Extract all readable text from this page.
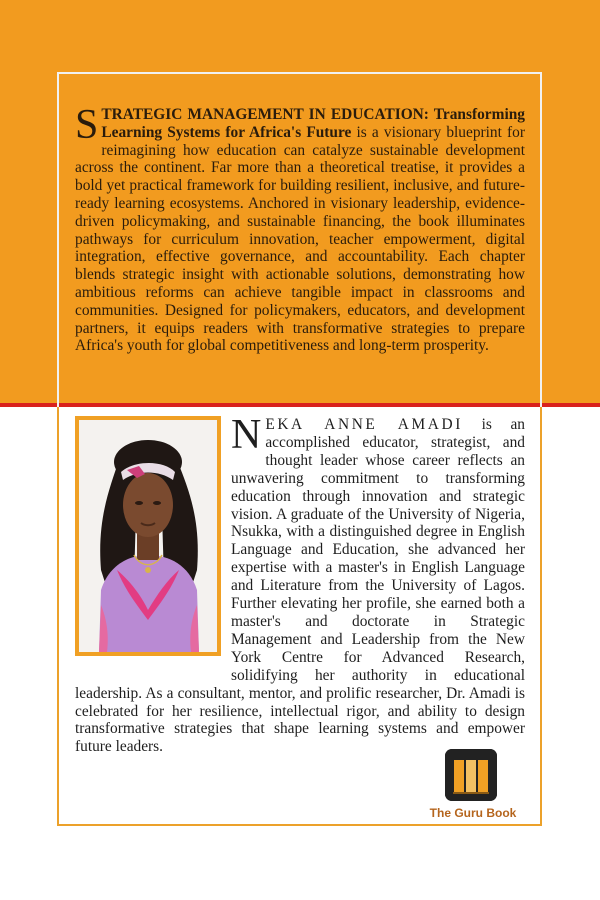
STRATEGIC MANAGEMENT IN EDUCATION: Transforming Learning Systems for Africa's Future is a visionary blueprint for reimagining how education can catalyze sustainable development across the continent. Far more than a theoretical treatise, it provides a bold yet practical framework for building resilient, inclusive, and future-ready learning ecosystems. Anchored in visionary leadership, evidence-driven policymaking, and sustainable financing, the book illuminates pathways for curriculum innovation, teacher empowerment, digital integration, effective governance, and accountability. Each chapter blends strategic insight with actionable solutions, demonstrating how ambitious reforms can achieve tangible impact in classrooms and communities. Designed for policymakers, educators, and development partners, it equips readers with transformative strategies to prepare Africa's youth for global competitiveness and long-term prosperity.

NEKA ANNE AMADI is an accomplished educator, strategist, and thought leader whose career reflects an unwavering commitment to transforming education through innovation and strategic vision. A graduate of the University of Nigeria, Nsukka, with a distinguished degree in English Language and Education, she advanced her expertise with a master's in English Language and Literature from the University of Lagos. Further elevating her profile, she earned both a master's and doctorate in Strategic Management and Leadership from the New York Centre for Advanced Research, solidifying her authority in educational leadership. As a consultant, mentor, and prolific researcher, Dr. Amadi is celebrated for her resilience, intellectual rigor, and ability to design transformative strategies that shape learning systems and empower future leaders.

The Guru Book
